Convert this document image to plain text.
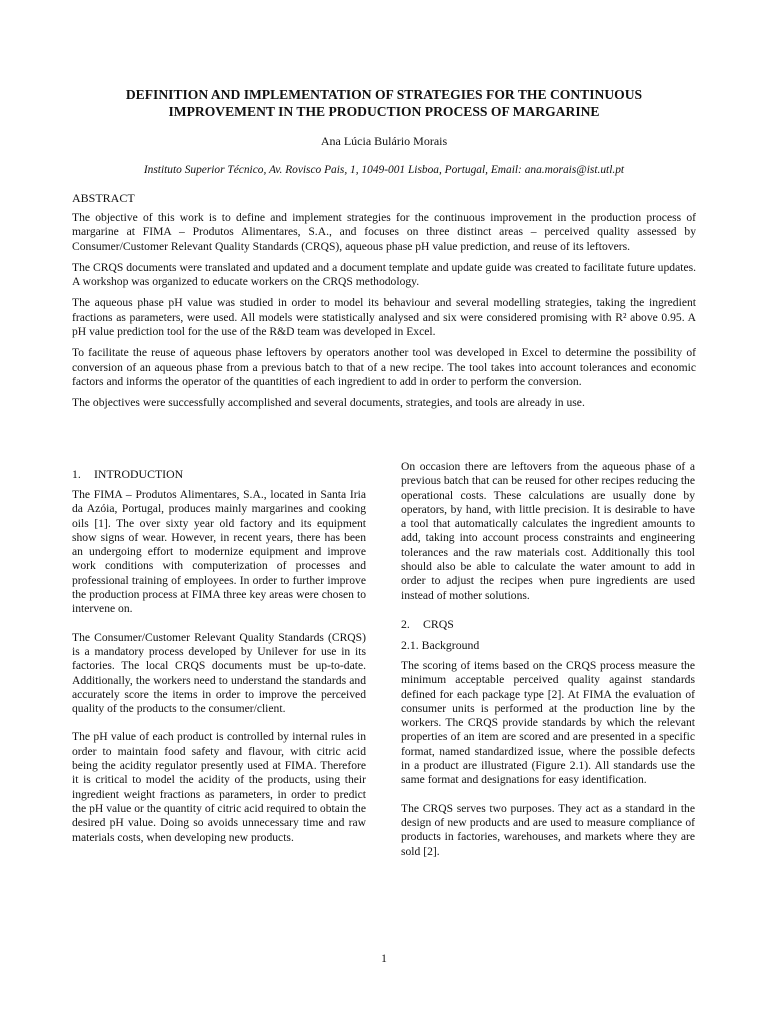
DEFINITION AND IMPLEMENTATION OF STRATEGIES FOR THE CONTINUOUS IMPROVEMENT IN THE PRODUCTION PROCESS OF MARGARINE

Ana Lúcia Bulário Morais

Instituto Superior Técnico, Av. Rovisco Pais, 1, 1049-001 Lisboa, Portugal, Email: ana.morais@ist.utl.pt

ABSTRACT

The objective of this work is to define and implement strategies for the continuous improvement in the production process of margarine at FIMA – Produtos Alimentares, S.A., and focuses on three distinct areas – perceived quality assessed by Consumer/Customer Relevant Quality Standards (CRQS), aqueous phase pH value prediction, and reuse of its leftovers.

The CRQS documents were translated and updated and a document template and update guide was created to facilitate future updates. A workshop was organized to educate workers on the CRQS methodology.

The aqueous phase pH value was studied in order to model its behaviour and several modelling strategies, taking the ingredient fractions as parameters, were used. All models were statistically analysed and six were considered promising with R² above 0.95. A pH value prediction tool for the use of the R&D team was developed in Excel.

To facilitate the reuse of aqueous phase leftovers by operators another tool was developed in Excel to determine the possibility of conversion of an aqueous phase from a previous batch to that of a new recipe. The tool takes into account tolerances and economic factors and informs the operator of the quantities of each ingredient to add in order to perform the conversion.

The objectives were successfully accomplished and several documents, strategies, and tools are already in use.

1. INTRODUCTION

The FIMA – Produtos Alimentares, S.A., located in Santa Iria da Azóia, Portugal, produces mainly margarines and cooking oils [1]. The over sixty year old factory and its equipment show signs of wear. However, in recent years, there has been an undergoing effort to modernize equipment and improve work conditions with computerization of processes and professional training of employees. In order to further improve the production process at FIMA three key areas were chosen to intervene on.

The Consumer/Customer Relevant Quality Standards (CRQS) is a mandatory process developed by Unilever for use in its factories. The local CRQS documents must be up-to-date. Additionally, the workers need to understand the standards and accurately score the items in order to improve the perceived quality of the products to the consumer/client.

The pH value of each product is controlled by internal rules in order to maintain food safety and flavour, with citric acid being the acidity regulator presently used at FIMA. Therefore it is critical to model the acidity of the products, using their ingredient weight fractions as parameters, in order to predict the pH value or the quantity of citric acid required to obtain the desired pH value. Doing so avoids unnecessary time and raw materials costs, when developing new products.

On occasion there are leftovers from the aqueous phase of a previous batch that can be reused for other recipes reducing the operational costs. These calculations are usually done by operators, by hand, with little precision. It is desirable to have a tool that automatically calculates the ingredient amounts to add, taking into account process constraints and engineering tolerances and the raw materials cost. Additionally this tool should also be able to calculate the water amount to add in order to adjust the recipes when pure ingredients are used instead of mother solutions.

2. CRQS
2.1. Background

The scoring of items based on the CRQS process measure the minimum acceptable perceived quality against standards defined for each package type [2]. At FIMA the evaluation of consumer units is performed at the production line by the workers. The CRQS provide standards by which the relevant properties of an item are scored and are presented in a specific format, named standardized issue, where the possible defects in a product are illustrated (Figure 2.1). All standards use the same format and designations for easy identification.

The CRQS serves two purposes. They act as a standard in the design of new products and are used to measure compliance of products in factories, warehouses, and markets where they are sold [2].

1
